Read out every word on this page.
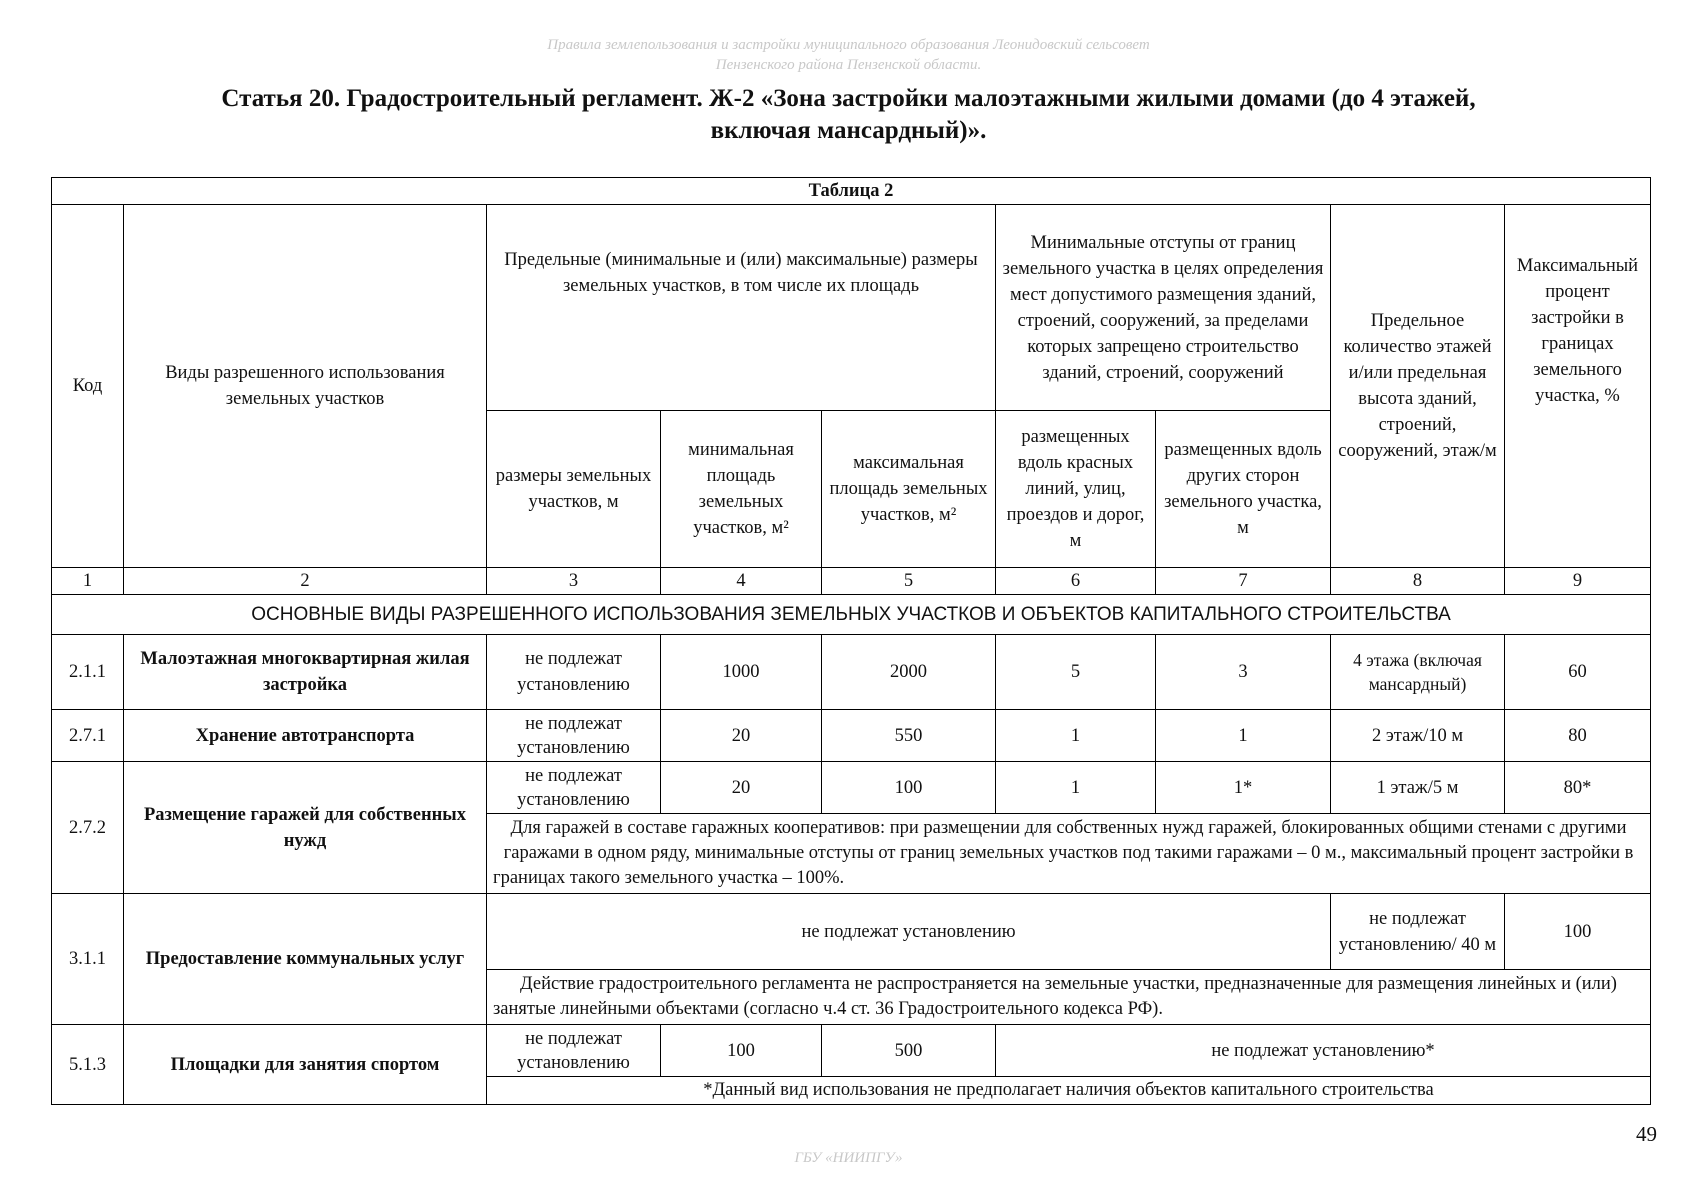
Правила землепользования и застройки муниципального образования Леонидовский сельсовет
Пензенского района Пензенской области.
Статья 20. Градостроительный регламент. Ж-2 «Зона застройки малоэтажными жилыми домами (до 4 этажей,
включая мансардный)».
Таблица 2								
Код	Виды разрешенного использования земельных участков	Предельные (минимальные и (или) максимальные) размеры земельных участков, в том числе их площадь			Минимальные отступы от границ земельного участка в целях определения мест допустимого размещения зданий, строений, сооружений, за пределами которых запрещено строительство зданий, строений, сооружений		Предельное количество этажей и/или предельная высота зданий, строений, сооружений, этаж/м	Максимальный процент застройки в границах земельного участка, %
		размеры земельных участков, м	минимальная площадь земельных участков, м²	максимальная площадь земельных участков, м²	размещенных вдоль красных линий, улиц, проездов и дорог, м	размещенных вдоль других сторон земельного участка, м		
1	2	3	4	5	6	7	8	9
ОСНОВНЫЕ ВИДЫ РАЗРЕШЕННОГО ИСПОЛЬЗОВАНИЯ ЗЕМЕЛЬНЫХ УЧАСТКОВ И ОБЪЕКТОВ КАПИТАЛЬНОГО СТРОИТЕЛЬСТВА								
2.1.1	Малоэтажная многоквартирная жилая застройка	не подлежат установлению	1000	2000	5	3	4 этажа (включая мансардный)	60
2.7.1	Хранение автотранспорта	не подлежат установлению	20	550	1	1	2 этаж/10 м	80
2.7.2	Размещение гаражей для собственных нужд	не подлежат установлению	20	100	1	1*	1 этаж/5 м	80*
		Для гаражей в составе гаражных кооперативов: при размещении для собственных нужд гаражей, блокированных общими стенами с другими гаражами в одном ряду, минимальные отступы от границ земельных участков под такими гаражами – 0 м., максимальный процент застройки в границах такого земельного участка – 100%.						
3.1.1	Предоставление коммунальных услуг	не подлежат установлению					не подлежат установлению/ 40 м	100
		Действие градостроительного регламента не распространяется на земельные участки, предназначенные для размещения линейных и (или) занятые линейными объектами (согласно ч.4 ст. 36 Градостроительного кодекса РФ).						
5.1.3	Площадки для занятия спортом	не подлежат установлению	100	500	не подлежат установлению*			
		*Данный вид использования не предполагает наличия объектов капитального строительства						
49
ГБУ «НИИПГУ»
